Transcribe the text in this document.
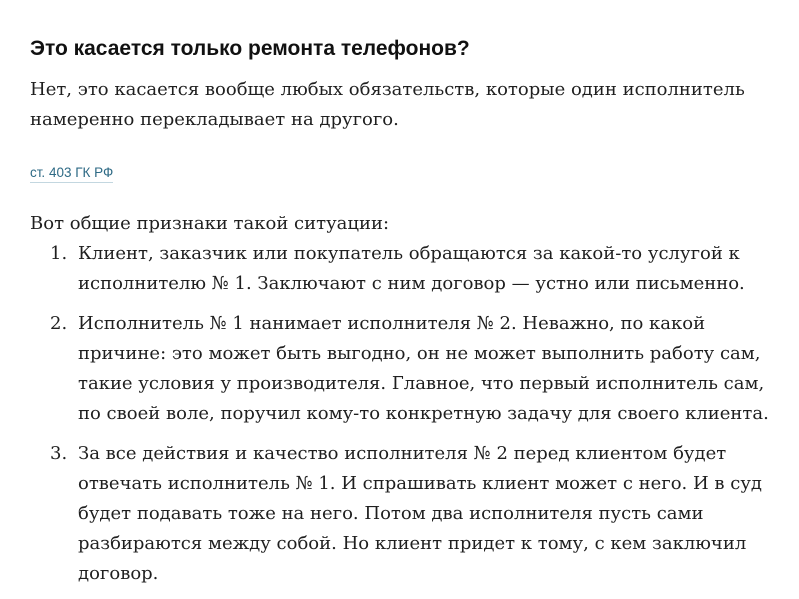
Это касается только ремонта телефонов?

Нет, это касается вообще любых обязательств, которые один исполнитель намеренно перекладывает на другого.

ст. 403 ГК РФ

Вот общие признаки такой ситуации:

1. Клиент, заказчик или покупатель обращаются за какой-то услугой к исполнителю № 1. Заключают с ним договор — устно или письменно.
2. Исполнитель № 1 нанимает исполнителя № 2. Неважно, по какой причине: это может быть выгодно, он не может выполнить работу сам, такие условия у производителя. Главное, что первый исполнитель сам, по своей воле, поручил кому-то конкретную задачу для своего клиента.
3. За все действия и качество исполнителя № 2 перед клиентом будет отвечать исполнитель № 1. И спрашивать клиент может с него. И в суд будет подавать тоже на него. Потом два исполнителя пусть сами разбираются между собой. Но клиент придет к тому, с кем заключил договор.
